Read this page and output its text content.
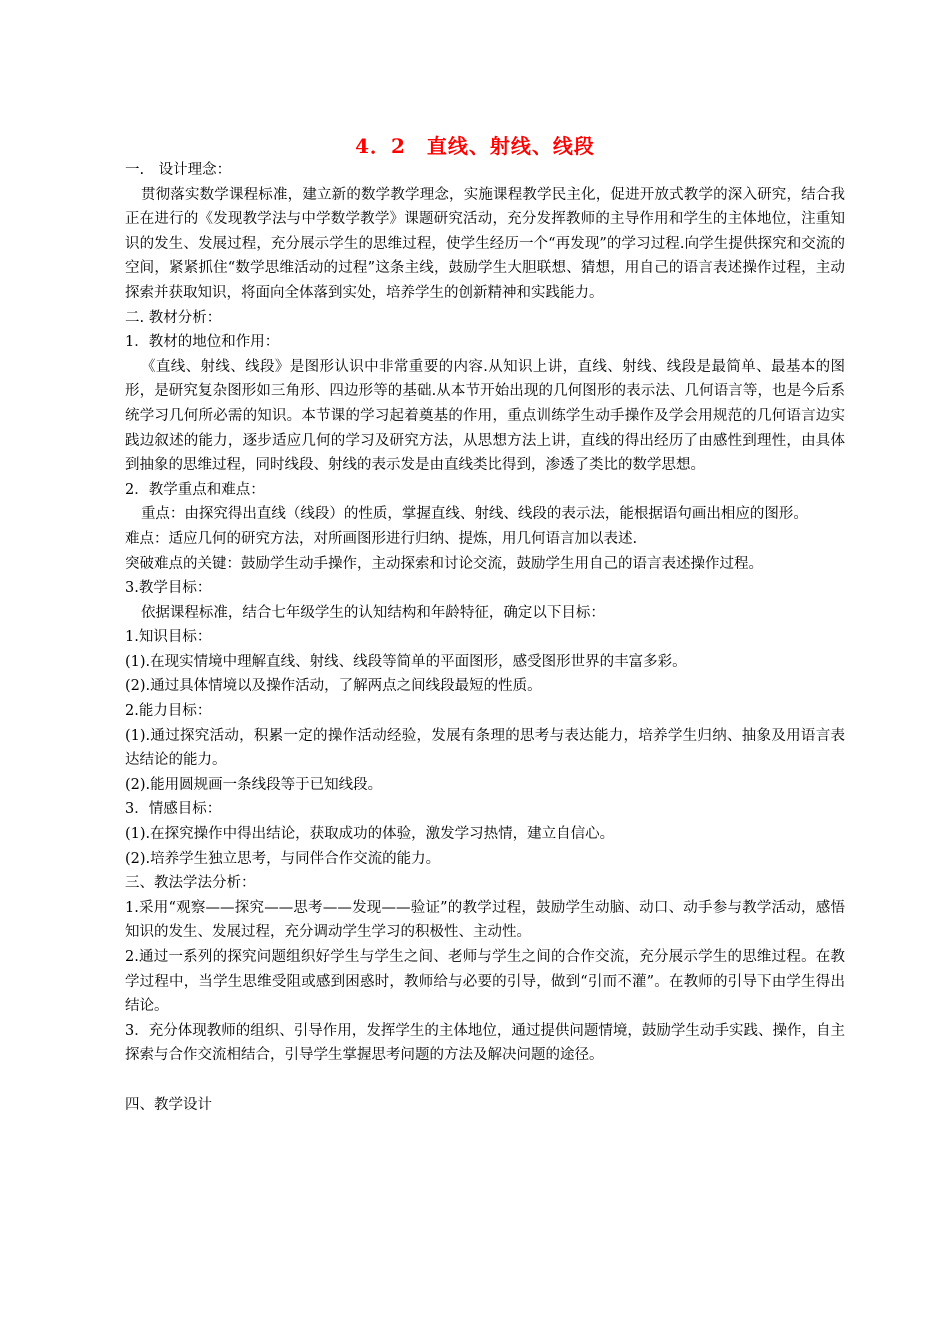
4．2　直线、射线、线段

一.　设计理念：

贯彻落实数学课程标准，建立新的数学教学理念，实施课程教学民主化，促进开放式教学的深入研究，结合我正在进行的《发现教学法与中学数学教学》课题研究活动，充分发挥教师的主导作用和学生的主体地位，注重知识的发生、发展过程，充分展示学生的思维过程，使学生经历一个“再发现”的学习过程.向学生提供探究和交流的空间，紧紧抓住“数学思维活动的过程”这条主线，鼓励学生大胆联想、猜想，用自己的语言表述操作过程，主动探索并获取知识，将面向全体落到实处，培养学生的创新精神和实践能力。

二. 教材分析：

1．教材的地位和作用：

《直线、射线、线段》是图形认识中非常重要的内容.从知识上讲，直线、射线、线段是最简单、最基本的图形，是研究复杂图形如三角形、四边形等的基础.从本节开始出现的几何图形的表示法、几何语言等，也是今后系统学习几何所必需的知识。本节课的学习起着奠基的作用，重点训练学生动手操作及学会用规范的几何语言边实践边叙述的能力，逐步适应几何的学习及研究方法，从思想方法上讲，直线的得出经历了由感性到理性，由具体到抽象的思维过程，同时线段、射线的表示发是由直线类比得到，渗透了类比的数学思想。

2．教学重点和难点：

重点：由探究得出直线（线段）的性质，掌握直线、射线、线段的表示法，能根据语句画出相应的图形。

难点：适应几何的研究方法，对所画图形进行归纳、提炼，用几何语言加以表述.

突破难点的关键：鼓励学生动手操作，主动探索和讨论交流，鼓励学生用自己的语言表述操作过程。

3.教学目标：

依据课程标准，结合七年级学生的认知结构和年龄特征，确定以下目标：

1.知识目标：

(1).在现实情境中理解直线、射线、线段等简单的平面图形，感受图形世界的丰富多彩。

(2).通过具体情境以及操作活动，了解两点之间线段最短的性质。

2.能力目标：

(1).通过探究活动，积累一定的操作活动经验，发展有条理的思考与表达能力，培养学生归纳、抽象及用语言表达结论的能力。

(2).能用圆规画一条线段等于已知线段。

3．情感目标：

(1).在探究操作中得出结论，获取成功的体验，激发学习热情，建立自信心。

(2).培养学生独立思考，与同伴合作交流的能力。

三、教法学法分析：

1.采用“观察——探究——思考——发现——验证”的教学过程，鼓励学生动脑、动口、动手参与教学活动，感悟知识的发生、发展过程，充分调动学生学习的积极性、主动性。

2.通过一系列的探究问题组织好学生与学生之间、老师与学生之间的合作交流，充分展示学生的思维过程。在教学过程中，当学生思维受阻或感到困惑时，教师给与必要的引导，做到“引而不灌”。在教师的引导下由学生得出结论。

3．充分体现教师的组织、引导作用，发挥学生的主体地位，通过提供问题情境，鼓励学生动手实践、操作，自主探索与合作交流相结合，引导学生掌握思考问题的方法及解决问题的途径。

四、教学设计
